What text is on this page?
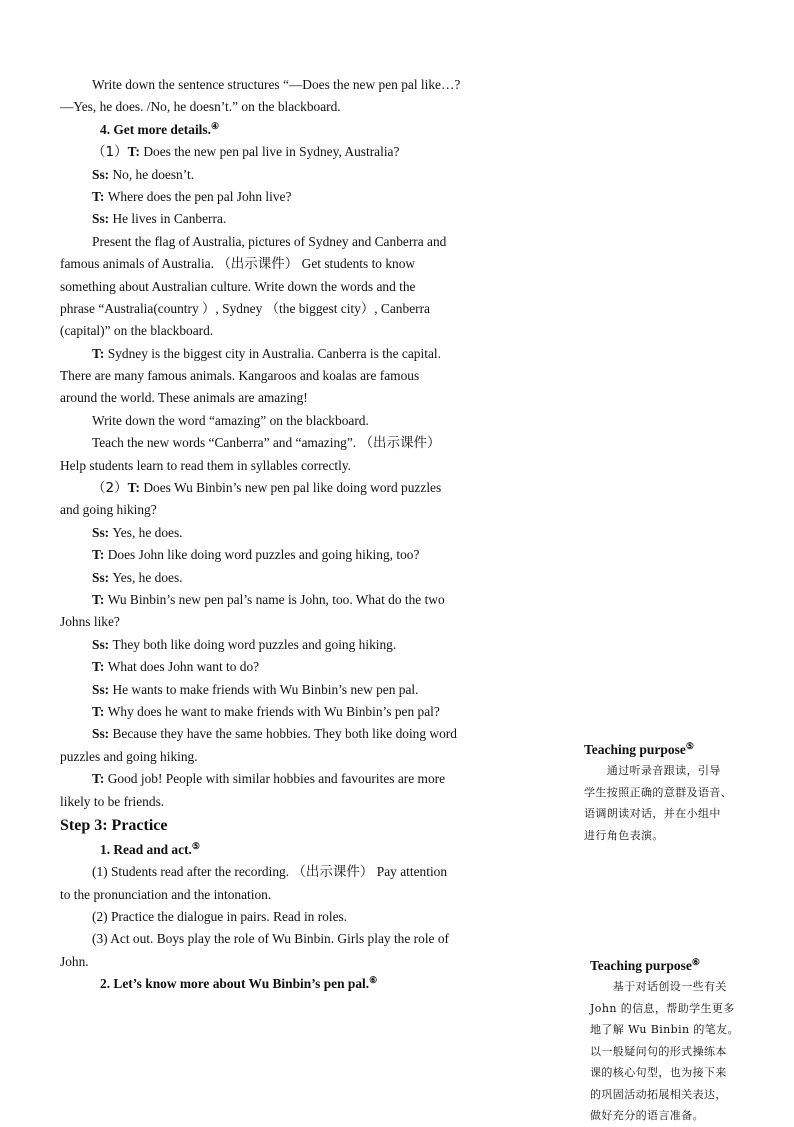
Write down the sentence structures “—Does the new pen pal like…?
—Yes, he does. /No, he doesn’t.” on the blackboard.
4. Get more details.④
（1）T: Does the new pen pal live in Sydney, Australia?
Ss: No, he doesn’t.
T: Where does the pen pal John live?
Ss: He lives in Canberra.
Present the flag of Australia, pictures of Sydney and Canberra and
famous animals of Australia. （出示课件） Get students to know
something about Australian culture. Write down the words and the
phrase “Australia(country ）, Sydney （the biggest city）, Canberra
(capital)” on the blackboard.
T: Sydney is the biggest city in Australia. Canberra is the capital.
There are many famous animals. Kangaroos and koalas are famous
around the world. These animals are amazing!
Write down the word “amazing” on the blackboard.
Teach the new words “Canberra” and “amazing”. （出示课件）
Help students learn to read them in syllables correctly.
（2）T: Does Wu Binbin’s new pen pal like doing word puzzles
and going hiking?
Ss: Yes, he does.
T: Does John like doing word puzzles and going hiking, too?
Ss: Yes, he does.
T: Wu Binbin’s new pen pal’s name is John, too. What do the two
Johns like?
Ss: They both like doing word puzzles and going hiking.
T: What does John want to do?
Ss: He wants to make friends with Wu Binbin’s new pen pal.
T: Why does he want to make friends with Wu Binbin’s pen pal?
Ss: Because they have the same hobbies. They both like doing word
puzzles and going hiking.
T: Good job! People with similar hobbies and favourites are more
likely to be friends.
Step 3: Practice
1. Read and act.⑤
(1) Students read after the recording. （出示课件） Pay attention
to the pronunciation and the intonation.
(2) Practice the dialogue in pairs. Read in roles.
(3) Act out. Boys play the role of Wu Binbin. Girls play the role of
John.
2. Let’s know more about Wu Binbin’s pen pal.⑥
Teaching purpose⑤

　　通过听录音跟读，引导

学生按照正确的意群及语音、

语调朗读对话，并在小组中

进行角色表演。

Teaching purpose⑥

　　基于对话创设一些有关

John 的信息，帮助学生更多

地了解 Wu Binbin 的笔友。

以一般疑问句的形式操练本

课的核心句型，也为接下来

的巩固活动拓展相关表达，

做好充分的语言准备。
